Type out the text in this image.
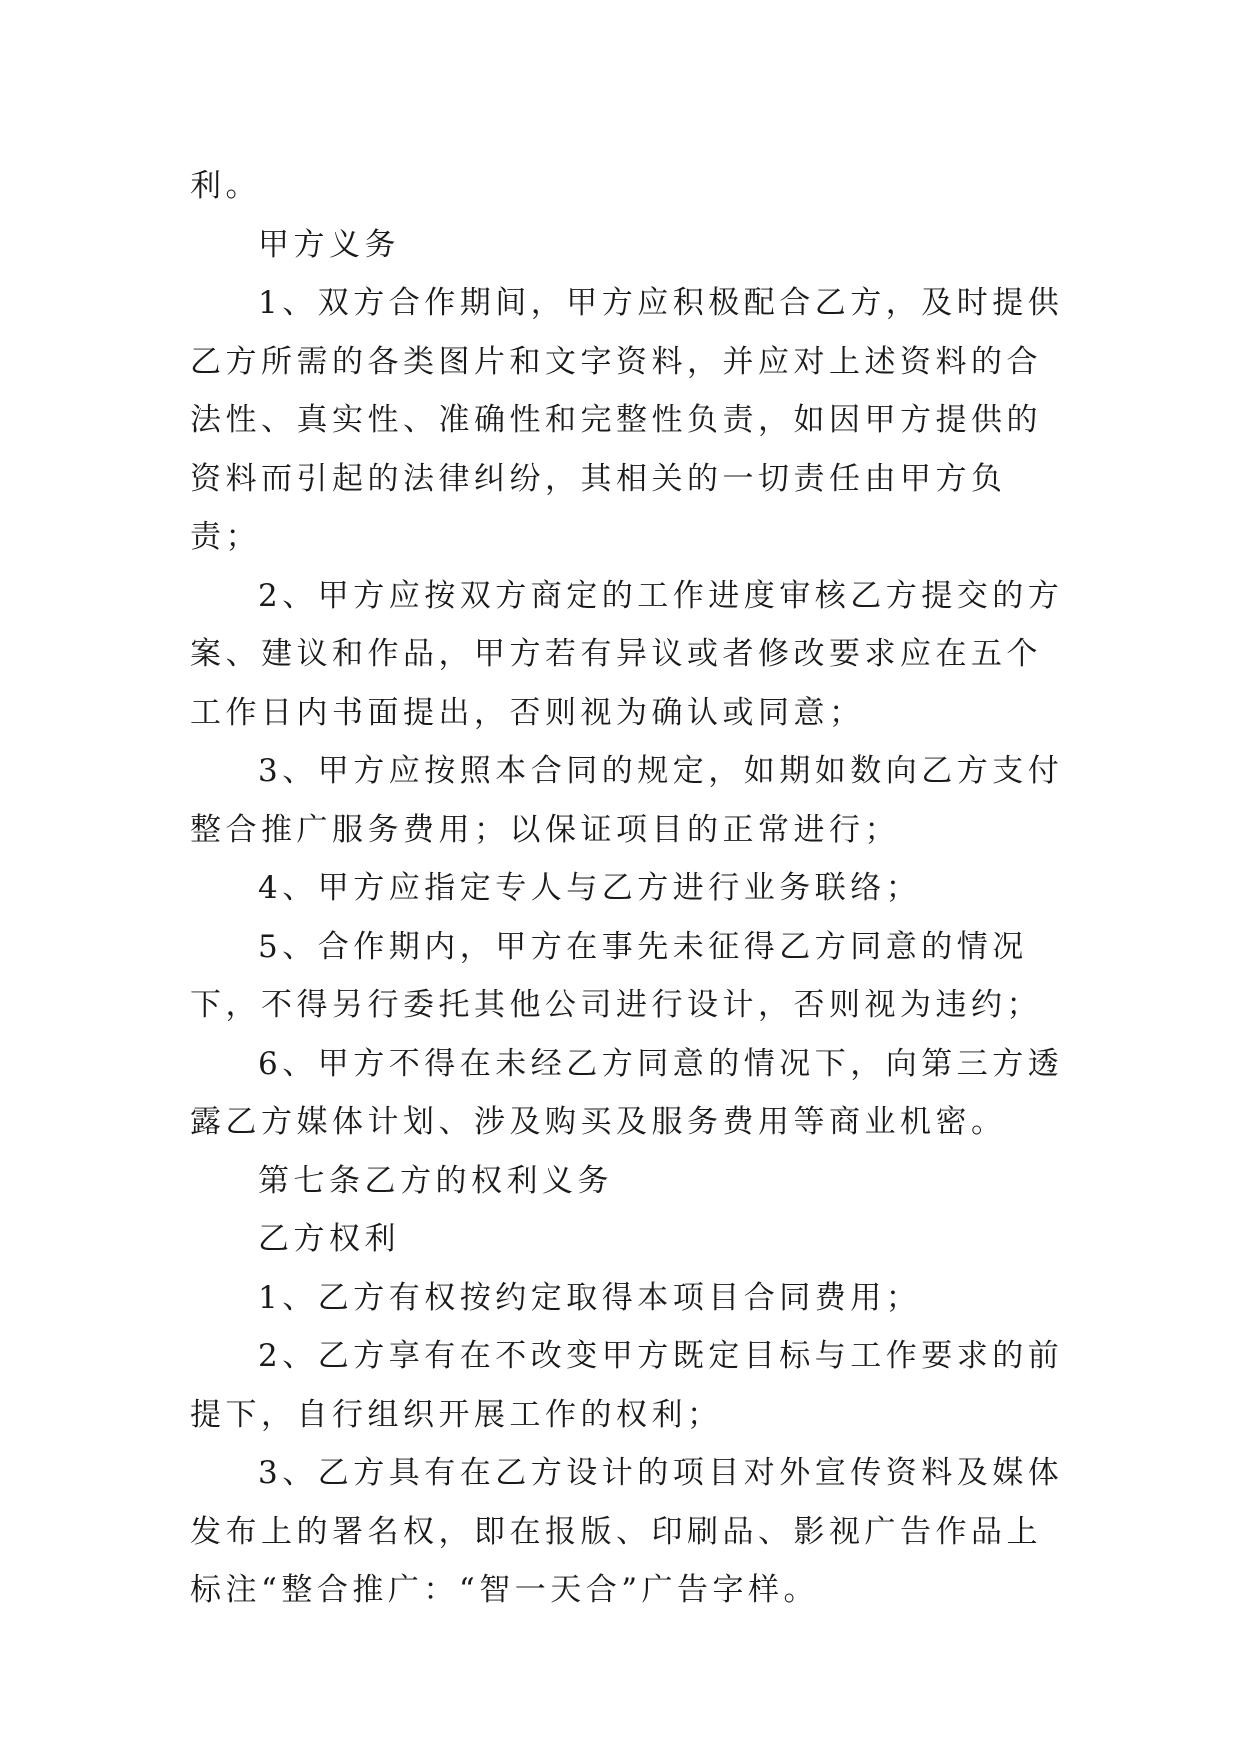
利。

甲方义务

1、双方合作期间，甲方应积极配合乙方，及时提供乙方所需的各类图片和文字资料，并应对上述资料的合法性、真实性、准确性和完整性负责，如因甲方提供的资料而引起的法律纠纷，其相关的一切责任由甲方负责；

2、甲方应按双方商定的工作进度审核乙方提交的方案、建议和作品，甲方若有异议或者修改要求应在五个工作日内书面提出，否则视为确认或同意；

3、甲方应按照本合同的规定，如期如数向乙方支付整合推广服务费用；以保证项目的正常进行；

4、甲方应指定专人与乙方进行业务联络；

5、合作期内，甲方在事先未征得乙方同意的情况下，不得另行委托其他公司进行设计，否则视为违约；

6、甲方不得在未经乙方同意的情况下，向第三方透露乙方媒体计划、涉及购买及服务费用等商业机密。

第七条乙方的权利义务

乙方权利

1、乙方有权按约定取得本项目合同费用；

2、乙方享有在不改变甲方既定目标与工作要求的前提下，自行组织开展工作的权利；

3、乙方具有在乙方设计的项目对外宣传资料及媒体发布上的署名权，即在报版、印刷品、影视广告作品上标注“整合推广：“智一天合”广告字样。
